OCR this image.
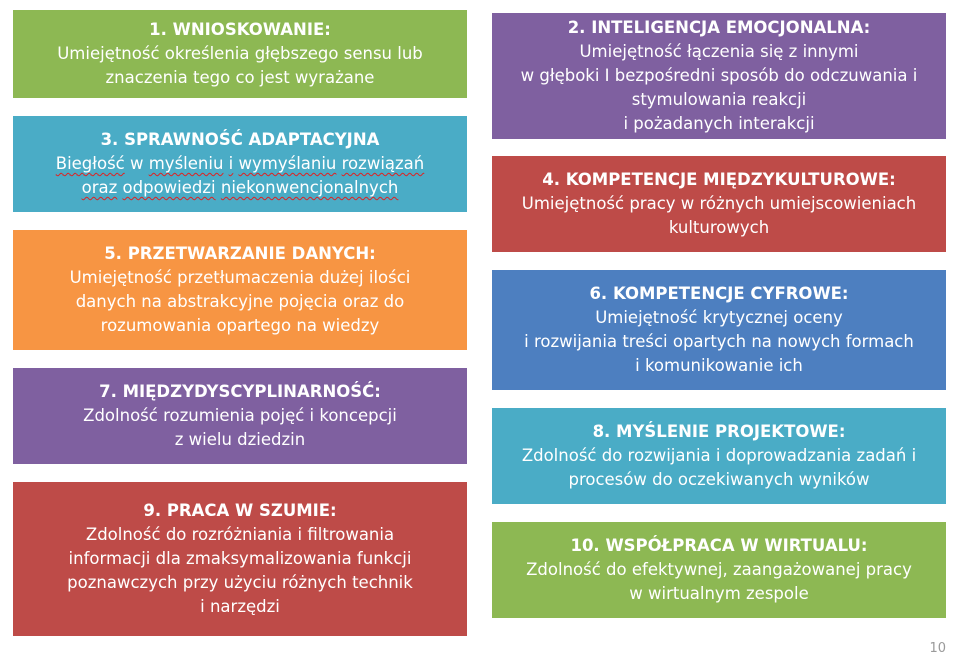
1. WNIOSKOWANIE:
Umiejętność określenia głębszego sensu lub
znaczenia tego co jest wyrażane
2. INTELIGENCJA EMOCJONALNA:
Umiejętność łączenia się z innymi
w głęboki I bezpośredni sposób do odczuwania i
stymulowania reakcji
i pożadanych interakcji
3. SPRAWNOŚĆ ADAPTACYJNA
Biegłość w myśleniu i wymyślaniu rozwiązań
oraz odpowiedzi niekonwencjonalnych	4. KOMPETENCJE MIĘDZYKULTUROWE:
Umiejętność pracy w różnych umiejscowieniach
kulturowych
5. PRZETWARZANIE DANYCH:
Umiejętność przetłumaczenia dużej ilości
danych na abstrakcyjne pojęcia oraz do
rozumowania opartego na wiedzy
6. KOMPETENCJE CYFROWE:
Umiejętność krytycznej oceny
i rozwijania treści opartych na nowych formach
i komunikowanie ich
7. MIĘDZYDYSCYPLINARNOŚĆ:
Zdolność rozumienia pojęć i koncepcji
z wielu dziedzin	8. MYŚLENIE PROJEKTOWE:
Zdolność do rozwijania i doprowadzania zadań i
procesów do oczekiwanych wyników
9. PRACA W SZUMIE:
Zdolność do rozróżniania i filtrowania
informacji dla zmaksymalizowania funkcji
poznawczych przy użyciu różnych technik
i narzędzi
10. WSPÓŁPRACA W WIRTUALU:
Zdolność do efektywnej, zaangażowanej pracy
w wirtualnym zespole
10
